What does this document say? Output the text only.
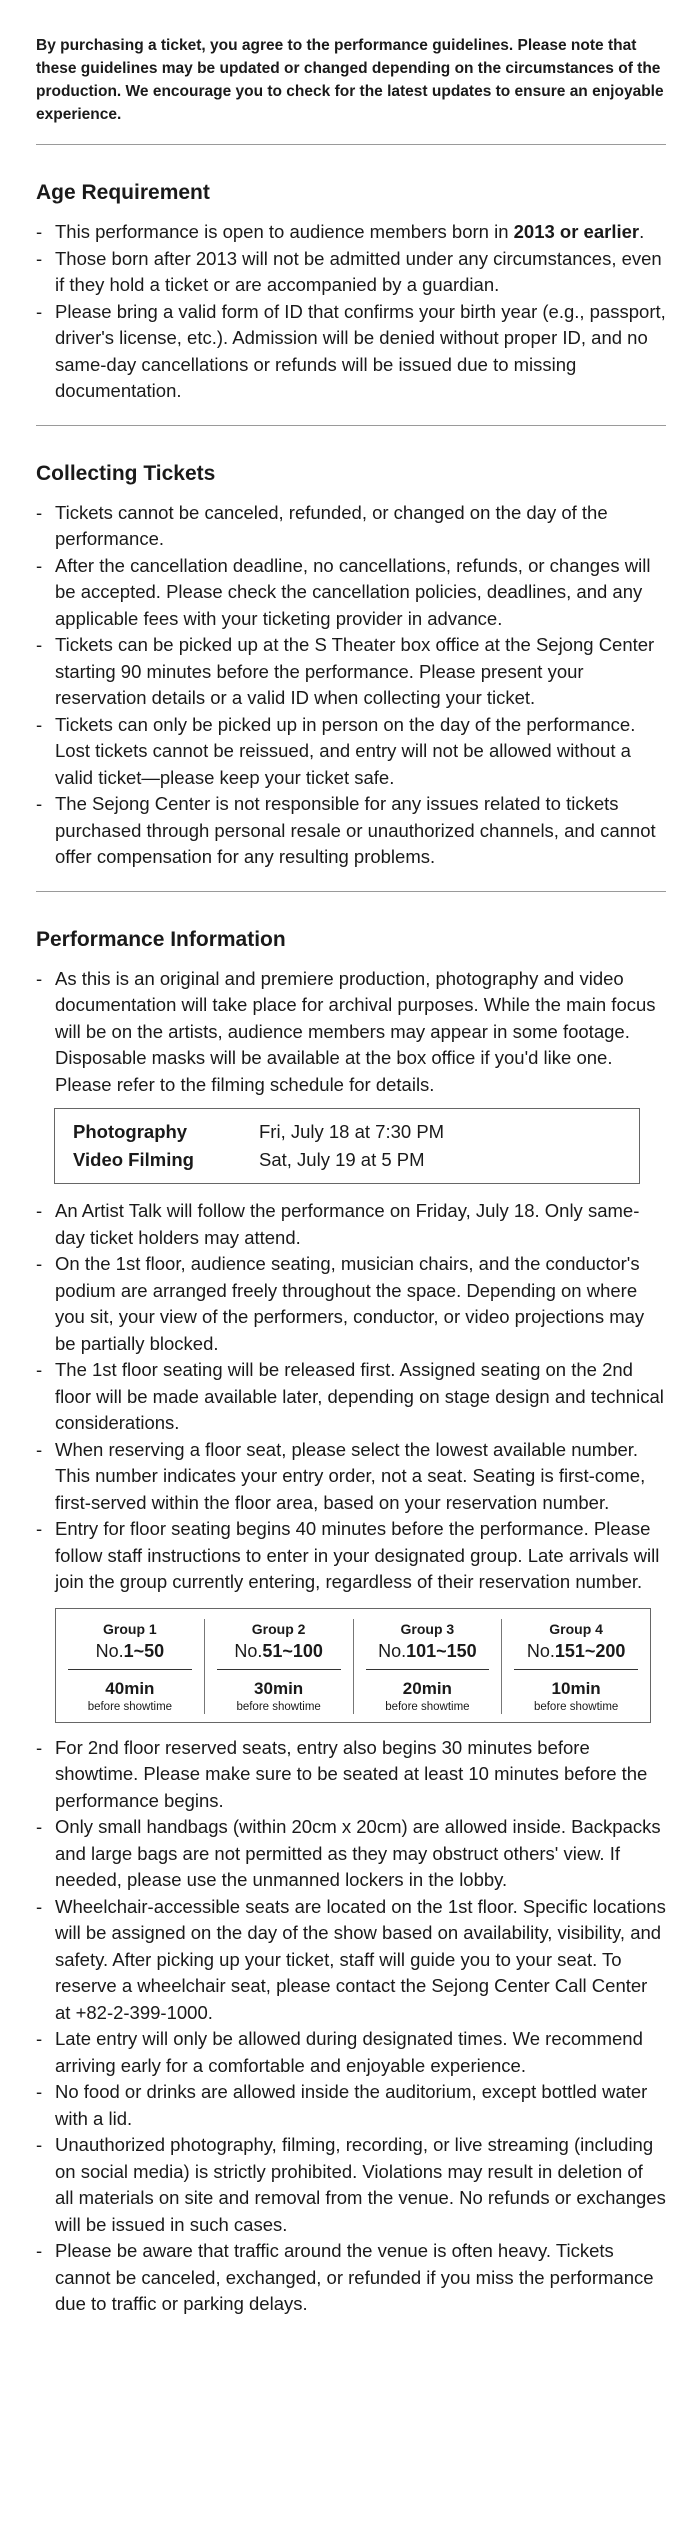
By purchasing a ticket, you agree to the performance guidelines. Please note that these guidelines may be updated or changed depending on the circumstances of the production. We encourage you to check for the latest updates to ensure an enjoyable experience.

Age Requirement
- This performance is open to audience members born in 2013 or earlier.
- Those born after 2013 will not be admitted under any circumstances, even if they hold a ticket or are accompanied by a guardian.
- Please bring a valid form of ID that confirms your birth year (e.g., passport, driver's license, etc.). Admission will be denied without proper ID, and no same-day cancellations or refunds will be issued due to missing documentation.
Collecting Tickets
- Tickets cannot be canceled, refunded, or changed on the day of the performance.
- After the cancellation deadline, no cancellations, refunds, or changes will be accepted. Please check the cancellation policies, deadlines, and any applicable fees with your ticketing provider in advance.
- Tickets can be picked up at the S Theater box office at the Sejong Center starting 90 minutes before the performance. Please present your reservation details or a valid ID when collecting your ticket.
- Tickets can only be picked up in person on the day of the performance. Lost tickets cannot be reissued, and entry will not be allowed without a valid ticket—please keep your ticket safe.
- The Sejong Center is not responsible for any issues related to tickets purchased through personal resale or unauthorized channels, and cannot offer compensation for any resulting problems.
Performance Information
- As this is an original and premiere production, photography and video documentation will take place for archival purposes. While the main focus will be on the artists, audience members may appear in some footage. Disposable masks will be available at the box office if you'd like one. Please refer to the filming schedule for details.
Photography	Fri, July 18 at 7:30 PM
Video Filming	Sat, July 19 at 5 PM
- An Artist Talk will follow the performance on Friday, July 18. Only same-day ticket holders may attend.
- On the 1st floor, audience seating, musician chairs, and the conductor's podium are arranged freely throughout the space. Depending on where you sit, your view of the performers, conductor, or video projections may be partially blocked.
- The 1st floor seating will be released first. Assigned seating on the 2nd floor will be made available later, depending on stage design and technical considerations.
- When reserving a floor seat, please select the lowest available number. This number indicates your entry order, not a seat. Seating is first-come, first-served within the floor area, based on your reservation number.
- Entry for floor seating begins 40 minutes before the performance. Please follow staff instructions to enter in your designated group. Late arrivals will join the group currently entering, regardless of their reservation number.
Group 1
No.1~50
40min
before showtime
Group 2
No.51~100
30min
before showtime
Group 3
No.101~150
20min
before showtime
Group 4
No.151~200
10min
before showtime
- For 2nd floor reserved seats, entry also begins 30 minutes before showtime. Please make sure to be seated at least 10 minutes before the performance begins.
- Only small handbags (within 20cm x 20cm) are allowed inside. Backpacks and large bags are not permitted as they may obstruct others' view. If needed, please use the unmanned lockers in the lobby.
- Wheelchair-accessible seats are located on the 1st floor. Specific locations will be assigned on the day of the show based on availability, visibility, and safety. After picking up your ticket, staff will guide you to your seat. To reserve a wheelchair seat, please contact the Sejong Center Call Center at +82-2-399-1000.
- Late entry will only be allowed during designated times. We recommend arriving early for a comfortable and enjoyable experience.
- No food or drinks are allowed inside the auditorium, except bottled water with a lid.
- Unauthorized photography, filming, recording, or live streaming (including on social media) is strictly prohibited. Violations may result in deletion of all materials on site and removal from the venue. No refunds or exchanges will be issued in such cases.
- Please be aware that traffic around the venue is often heavy. Tickets cannot be canceled, exchanged, or refunded if you miss the performance due to traffic or parking delays.
